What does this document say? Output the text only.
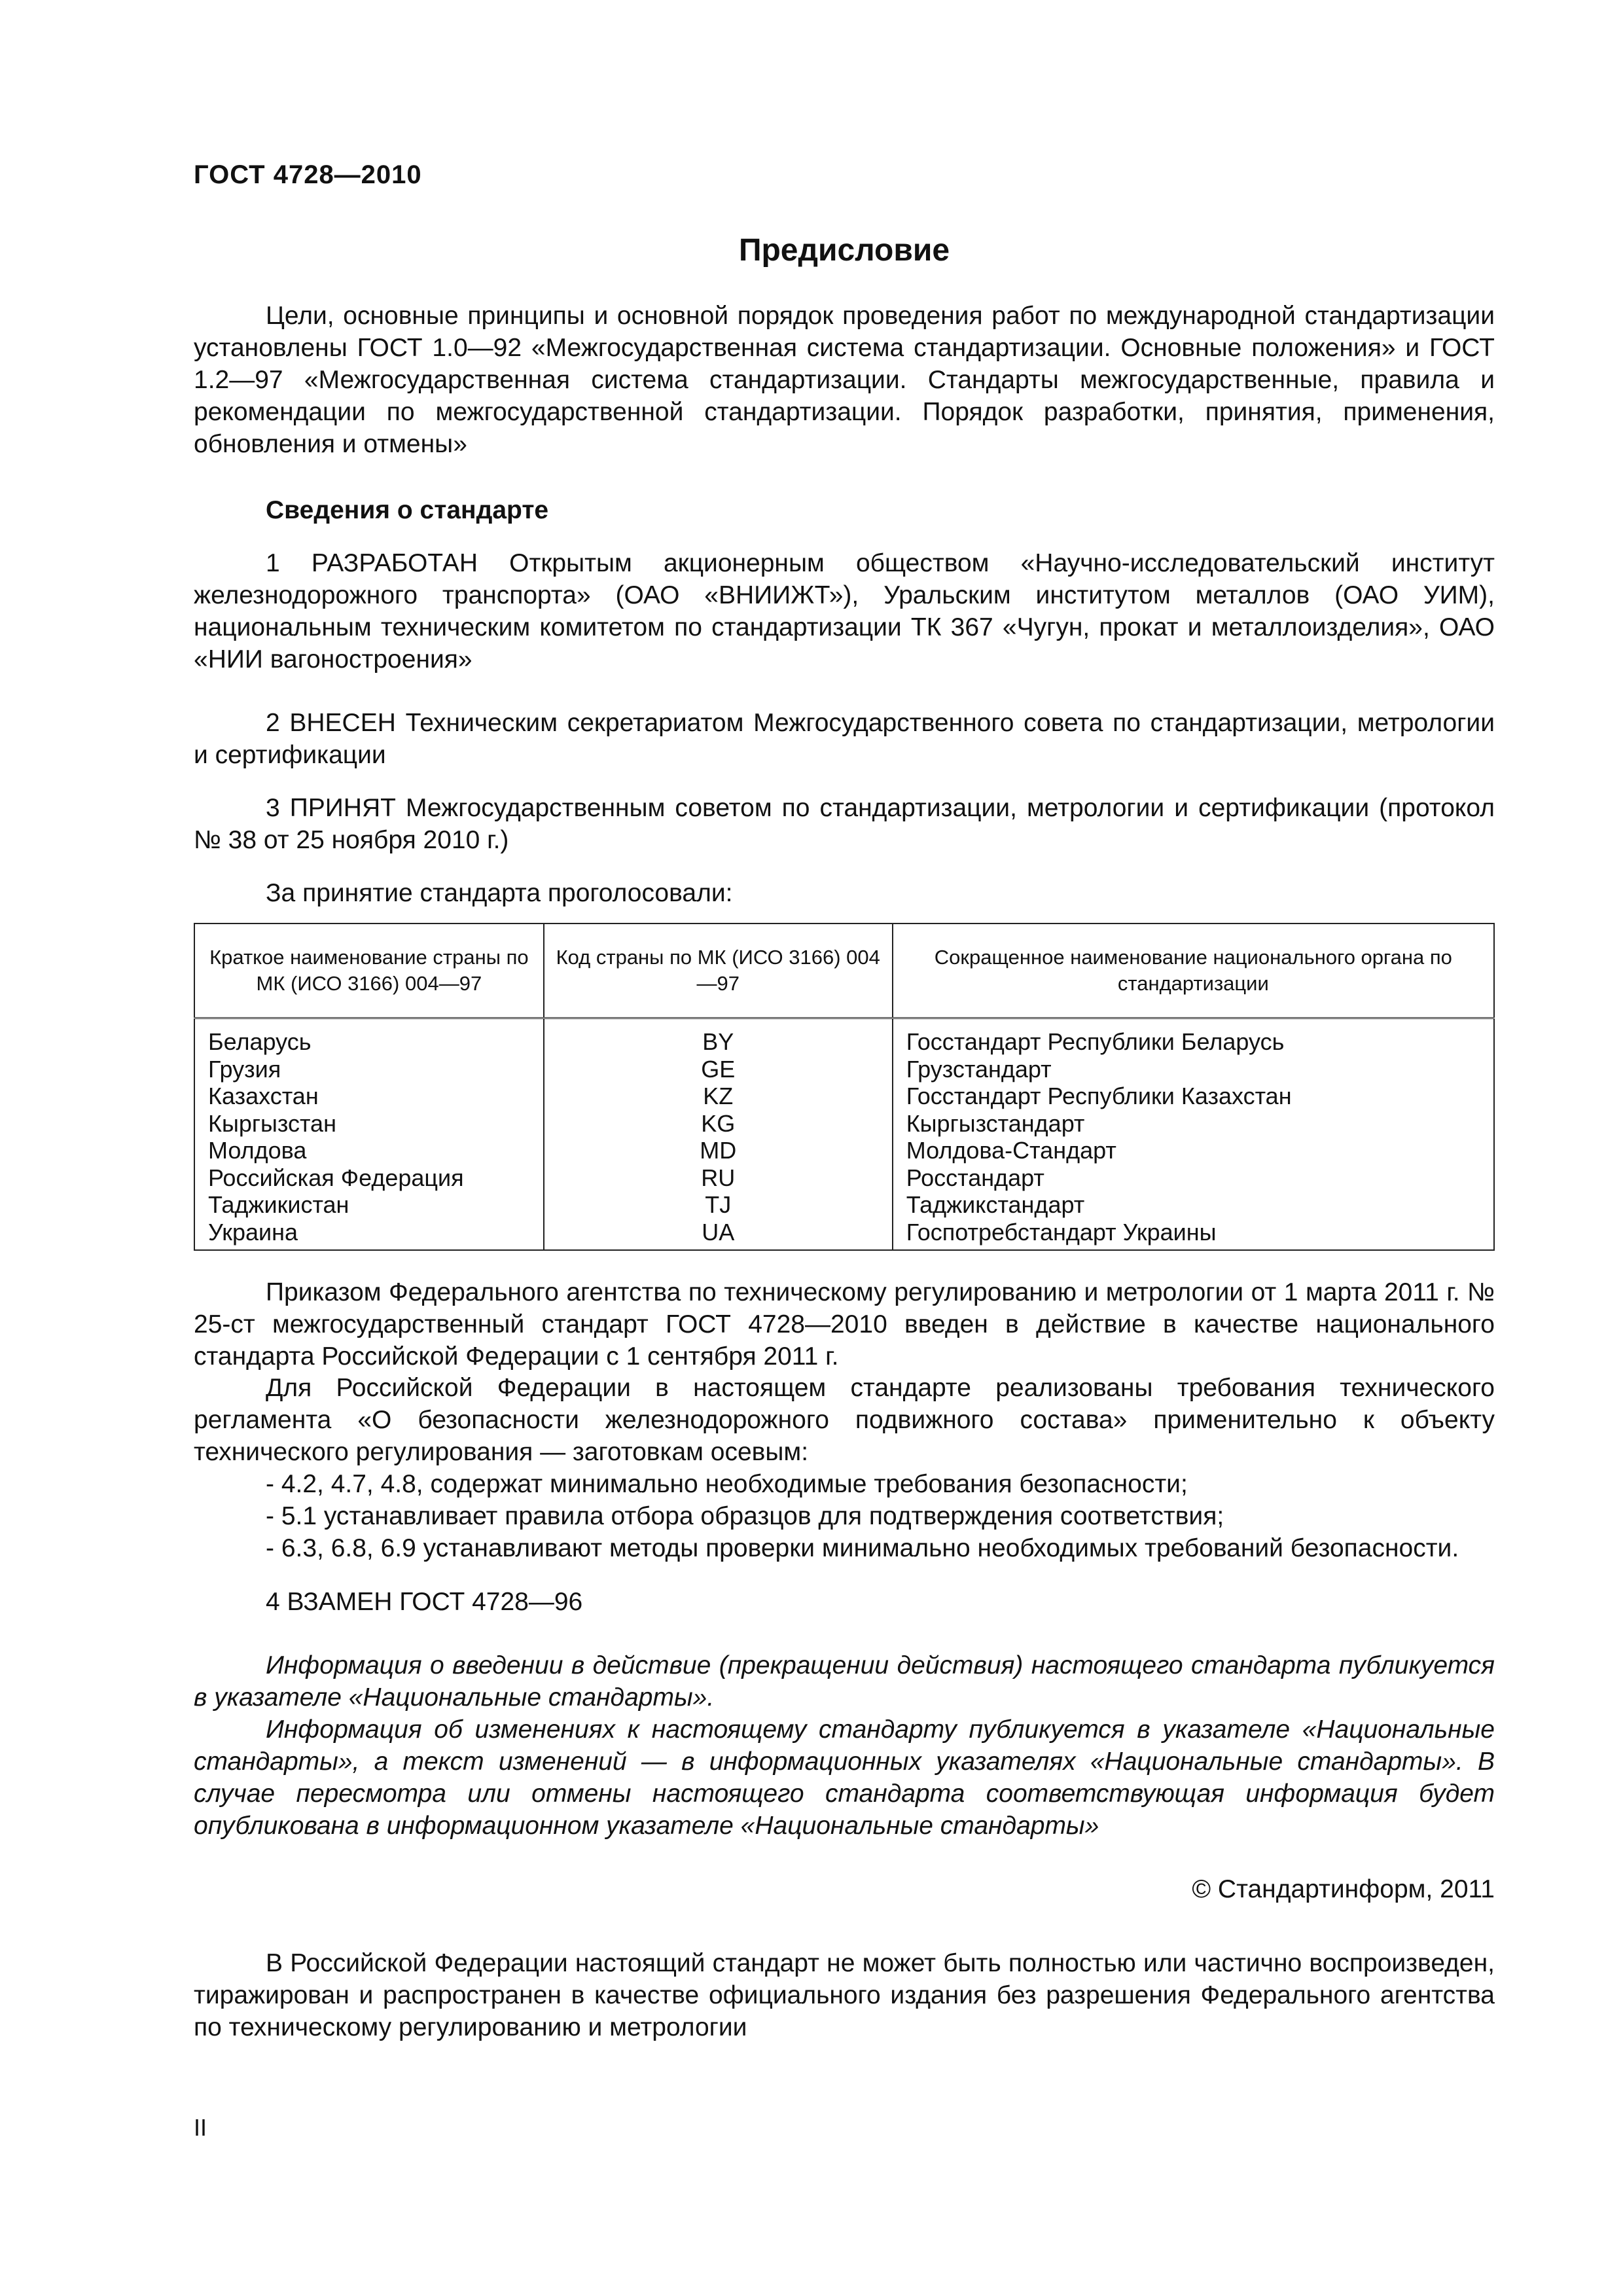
ГОСТ 4728—2010
Предисловие

Цели, основные принципы и основной порядок проведения работ по международной стандартизации установлены ГОСТ 1.0—92 «Межгосударственная система стандартизации. Основные положения» и ГОСТ 1.2—97 «Межгосударственная система стандартизации. Стандарты межгосударственные, правила и рекомендации по межгосударственной стандартизации. Порядок разработки, принятия, применения, обновления и отмены»

Сведения о стандарте

1 РАЗРАБОТАН Открытым акционерным обществом «Научно-исследовательский институт железнодорожного транспорта» (ОАО «ВНИИЖТ»), Уральским институтом металлов (ОАО УИМ), национальным техническим комитетом по стандартизации ТК 367 «Чугун, прокат и металлоизделия», ОАО «НИИ вагоностроения»

2 ВНЕСЕН Техническим секретариатом Межгосударственного совета по стандартизации, метрологии и сертификации

3 ПРИНЯТ Межгосударственным советом по стандартизации, метрологии и сертификации (протокол № 38 от 25 ноября 2010 г.)

За принятие стандарта проголосовали:

Краткое наименование страны по МК (ИСО 3166) 004—97	Код страны по МК (ИСО 3166) 004—97	Сокращенное наименование национального органа по стандартизации
Беларусь	BY	Госстандарт Республики Беларусь
Грузия	GE	Грузстандарт
Казахстан	KZ	Госстандарт Республики Казахстан
Кыргызстан	KG	Кыргызстандарт
Молдова	MD	Молдова-Стандарт
Российская Федерация	RU	Росстандарт
Таджикистан	TJ	Таджикстандарт
Украина	UA	Госпотребстандарт Украины

Приказом Федерального агентства по техническому регулированию и метрологии от 1 марта 2011 г. № 25-ст межгосударственный стандарт ГОСТ 4728—2010 введен в действие в качестве национального стандарта Российской Федерации с 1 сентября 2011 г.

Для Российской Федерации в настоящем стандарте реализованы требования технического регламента «О безопасности железнодорожного подвижного состава» применительно к объекту технического регулирования — заготовкам осевым:

- 4.2, 4.7, 4.8, содержат минимально необходимые требования безопасности;

- 5.1 устанавливает правила отбора образцов для подтверждения соответствия;

- 6.3, 6.8, 6.9 устанавливают методы проверки минимально необходимых требований безопасности.

4 ВЗАМЕН ГОСТ 4728—96

Информация о введении в действие (прекращении действия) настоящего стандарта публикуется в указателе «Национальные стандарты».

Информация об изменениях к настоящему стандарту публикуется в указателе «Национальные стандарты», а текст изменений — в информационных указателях «Национальные стандарты». В случае пересмотра или отмены настоящего стандарта соответствующая информация будет опубликована в информационном указателе «Национальные стандарты»

© Стандартинформ, 2011

В Российской Федерации настоящий стандарт не может быть полностью или частично воспроизведен, тиражирован и распространен в качестве официального издания без разрешения Федерального агентства по техническому регулированию и метрологии

II
